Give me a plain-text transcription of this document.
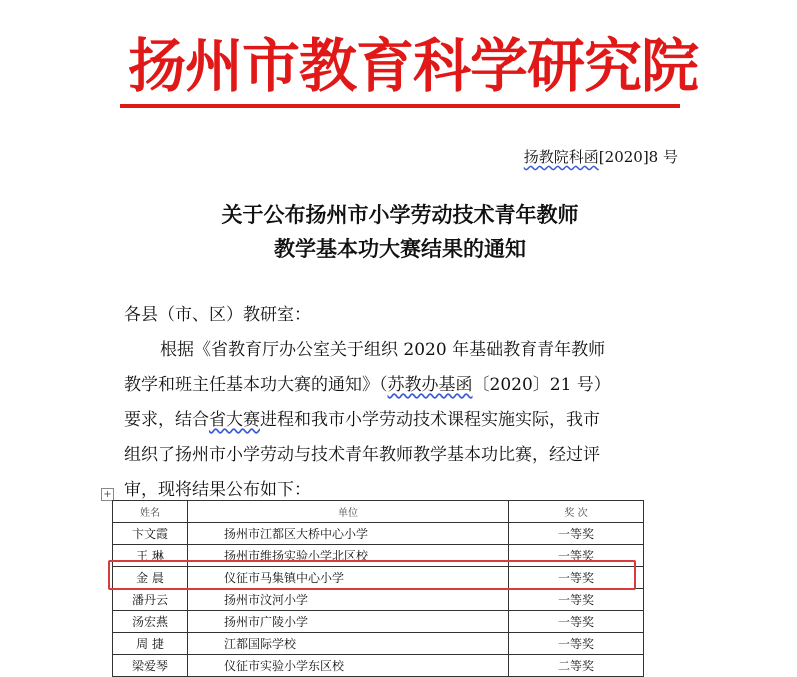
扬州市教育科学研究院
扬教院科函[2020]8 号
关于公布扬州市小学劳动技术青年教师
教学基本功大赛结果的通知
各县（市、区）教研室：
根据《省教育厅办公室关于组织 2020 年基础教育青年教师
教学和班主任基本功大赛的通知》（苏教办基函〔2020〕21 号）
要求，结合省大赛进程和我市小学劳动技术课程实施实际，我市
组织了扬州市小学劳动与技术青年教师教学基本功比赛，经过评
审，现将结果公布如下：
+
姓名	单位	奖 次
卞文霞	扬州市江都区大桥中心小学	一等奖
王 琳	扬州市维扬实验小学北区校	一等奖
金 晨	仪征市马集镇中心小学	一等奖
潘丹云	扬州市汶河小学	一等奖
汤宏燕	扬州市广陵小学	一等奖
周 捷	江都国际学校	一等奖
梁爱琴	仪征市实验小学东区校	二等奖
